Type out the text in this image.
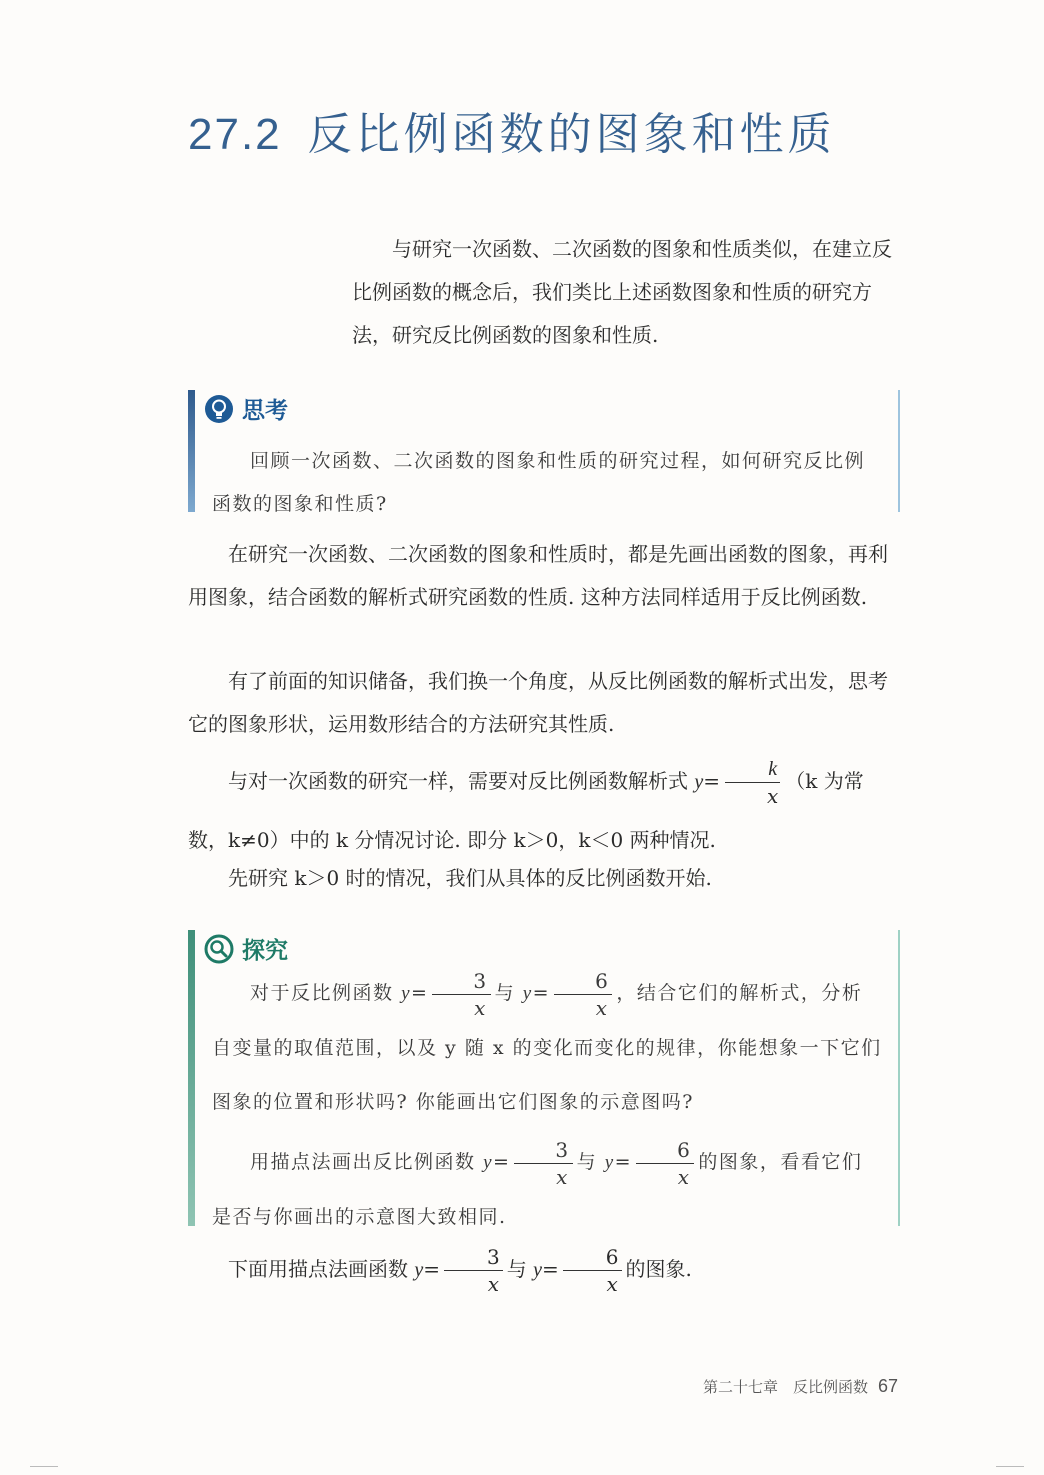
27.2 反比例函数的图象和性质

与研究一次函数、二次函数的图象和性质类似，在建立反比例函数的概念后，我们类比上述函数图象和性质的研究方法，研究反比例函数的图象和性质.

思考

回顾一次函数、二次函数的图象和性质的研究过程，如何研究反比例函数的图象和性质?

在研究一次函数、二次函数的图象和性质时，都是先画出函数的图象，再利用图象，结合函数的解析式研究函数的性质. 这种方法同样适用于反比例函数.

有了前面的知识储备，我们换一个角度，从反比例函数的解析式出发，思考它的图象形状，运用数形结合的方法研究其性质.

与对一次函数的研究一样，需要对反比例函数解析式 $y= \frac{k}{x} (k$ 为常数，k≠0）中的 k 分情况讨论. 即分 k＞0，k＜0 两种情况.

先研究 k＞0 时的情况，我们从具体的反比例函数开始.

探究

对于反比例函数 $y= \frac{3}{x}$ 与 $y= \frac{6}{x}$ ，结合它们的解析式，分析自变量的取值范围，以及 y 随 x 的变化而变化的规律，你能想象一下它们图象的位置和形状吗? 你能画出它们图象的示意图吗?

用描点法画出反比例函数 $y= \frac{3}{x}$ 与 $y= \frac{6}{x}$ 的图象，看看它们是否与你画出的示意图大致相同.

下面用描点法画函数 $y= \frac{3}{x}$ 与 $y= \frac{6}{x}$ 的图象.

第二十七章　反比例函数 67
